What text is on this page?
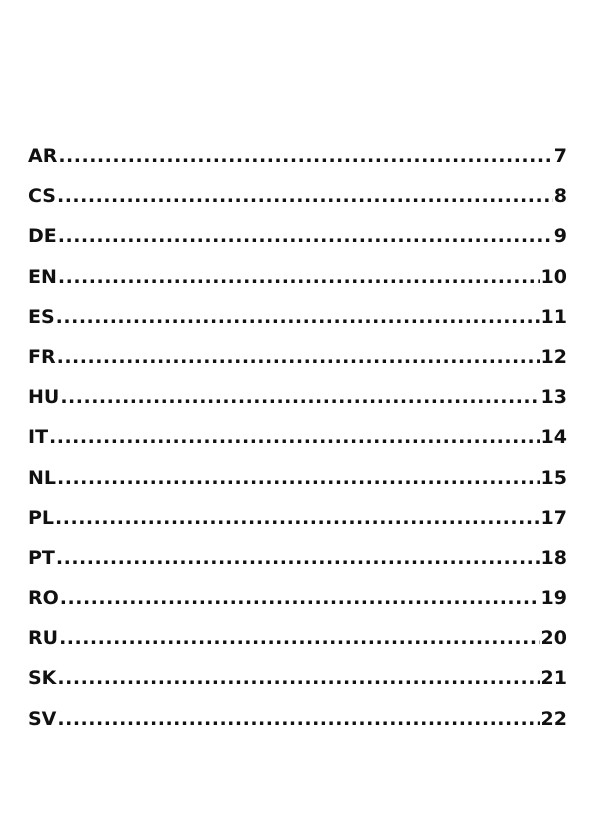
AR .....	7
CS .....	8
DE .....	9
EN .....	10
ES .....	11
FR .....	12
HU .....	13
IT .....	14
NL .....	15
PL .....	17
PT .....	18
RO .....	19
RU .....	20
SK .....	21
SV .....	22
